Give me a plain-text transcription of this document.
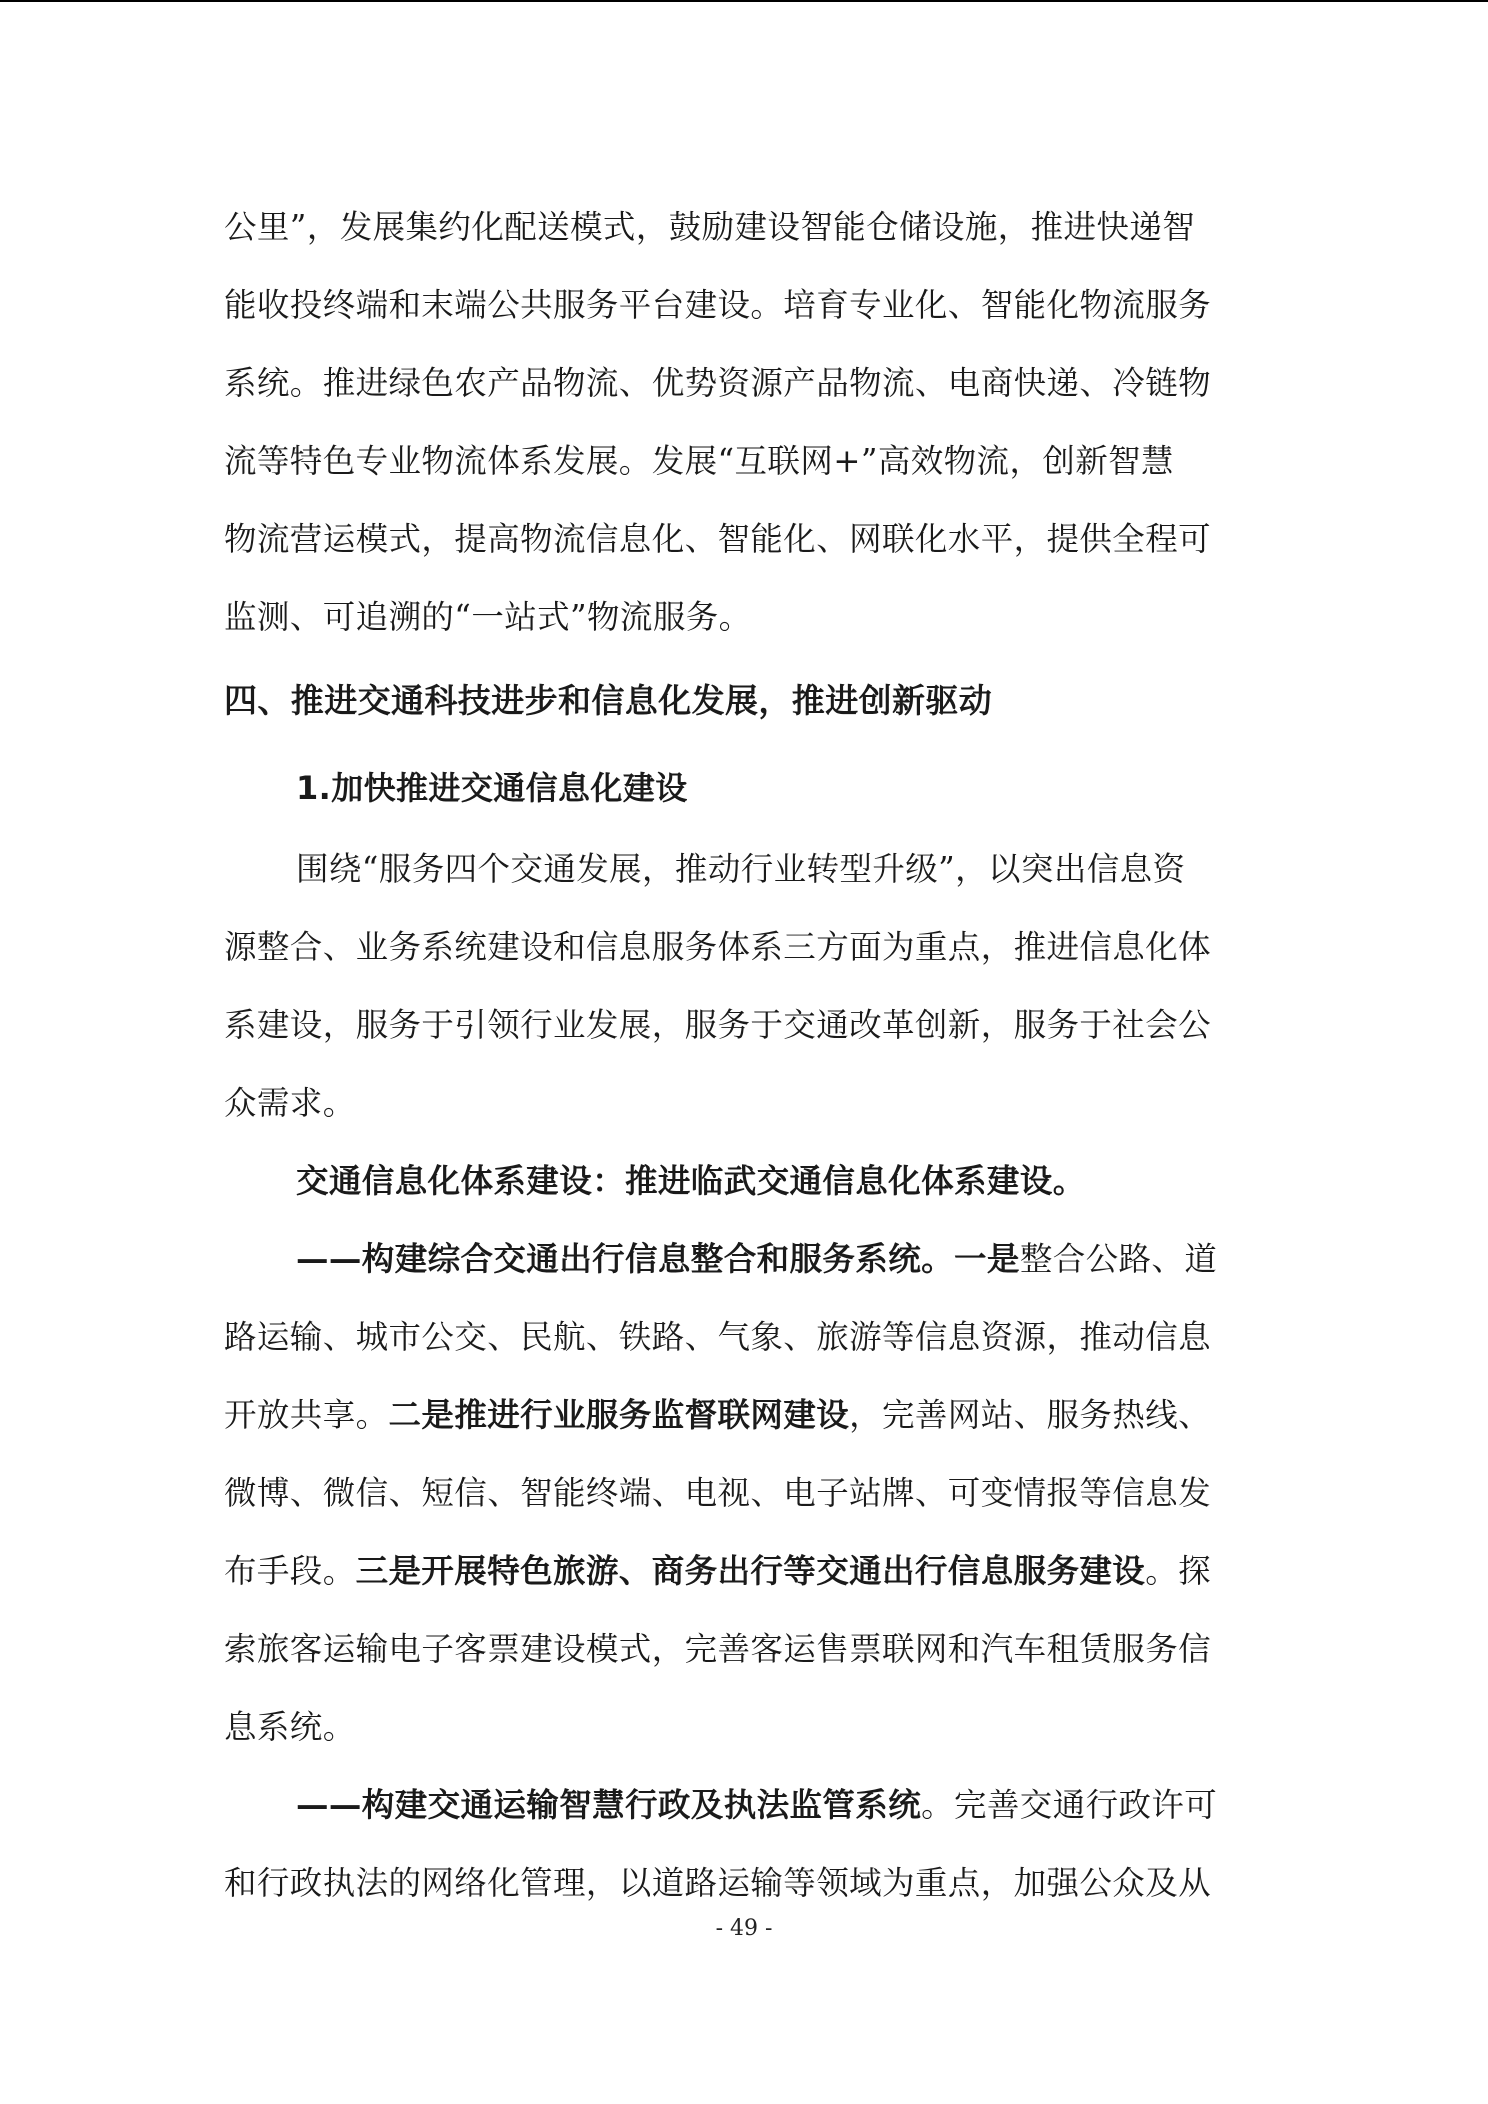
公里”，发展集约化配送模式，鼓励建设智能仓储设施，推进快递智
能收投终端和末端公共服务平台建设。培育专业化、智能化物流服务
系统。推进绿色农产品物流、优势资源产品物流、电商快递、冷链物
流等特色专业物流体系发展。发展“互联网+”高效物流，创新智慧
物流营运模式，提高物流信息化、智能化、网联化水平，提供全程可
监测、可追溯的“一站式”物流服务。
四、推进交通科技进步和信息化发展，推进创新驱动
1.加快推进交通信息化建设
围绕“服务四个交通发展，推动行业转型升级”，以突出信息资
源整合、业务系统建设和信息服务体系三方面为重点，推进信息化体
系建设，服务于引领行业发展，服务于交通改革创新，服务于社会公
众需求。
交通信息化体系建设：推进临武交通信息化体系建设。
——构建综合交通出行信息整合和服务系统。一是整合公路、道
路运输、城市公交、民航、铁路、气象、旅游等信息资源，推动信息
开放共享。二是推进行业服务监督联网建设，完善网站、服务热线、
微博、微信、短信、智能终端、电视、电子站牌、可变情报等信息发
布手段。三是开展特色旅游、商务出行等交通出行信息服务建设。探
索旅客运输电子客票建设模式，完善客运售票联网和汽车租赁服务信
息系统。
——构建交通运输智慧行政及执法监管系统。完善交通行政许可
和行政执法的网络化管理，以道路运输等领域为重点，加强公众及从
- 49 -
